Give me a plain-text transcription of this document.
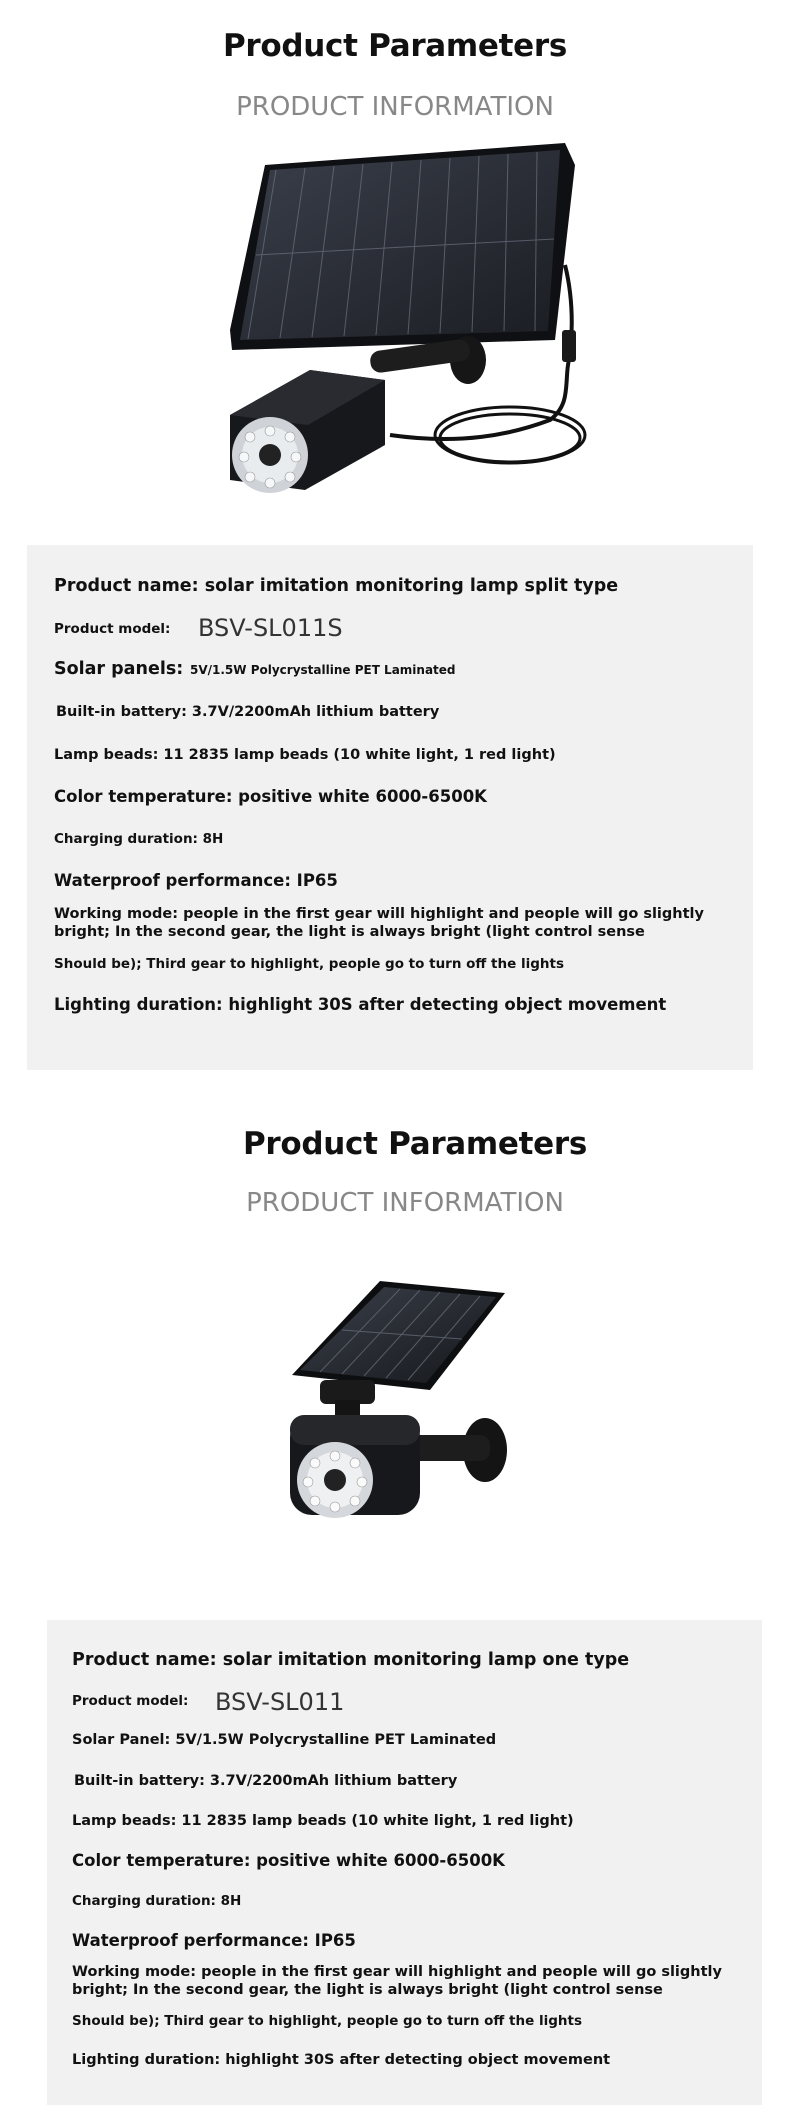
Product Parameters
PRODUCT INFORMATION
Product name: solar imitation monitoring lamp split type
Product model: BSV-SL011S
Solar panels: 5V/1.5W Polycrystalline PET Laminated
Built-in battery: 3.7V/2200mAh lithium battery
Lamp beads: 11 2835 lamp beads (10 white light, 1 red light)
Color temperature: positive white 6000-6500K
Charging duration: 8H
Waterproof performance: IP65
Working mode: people in the first gear will highlight and people will go slightly bright; In the second gear, the light is always bright (light control sense
Should be); Third gear to highlight, people go to turn off the lights
Lighting duration: highlight 30S after detecting object movement
Product Parameters
PRODUCT INFORMATION
Product name: solar imitation monitoring lamp one type
Product model: BSV-SL011
Solar Panel: 5V/1.5W Polycrystalline PET Laminated
Built-in battery: 3.7V/2200mAh lithium battery
Lamp beads: 11 2835 lamp beads (10 white light, 1 red light)
Color temperature: positive white 6000-6500K
Charging duration: 8H
Waterproof performance: IP65
Working mode: people in the first gear will highlight and people will go slightly bright; In the second gear, the light is always bright (light control sense
Should be); Third gear to highlight, people go to turn off the lights
Lighting duration: highlight 30S after detecting object movement
